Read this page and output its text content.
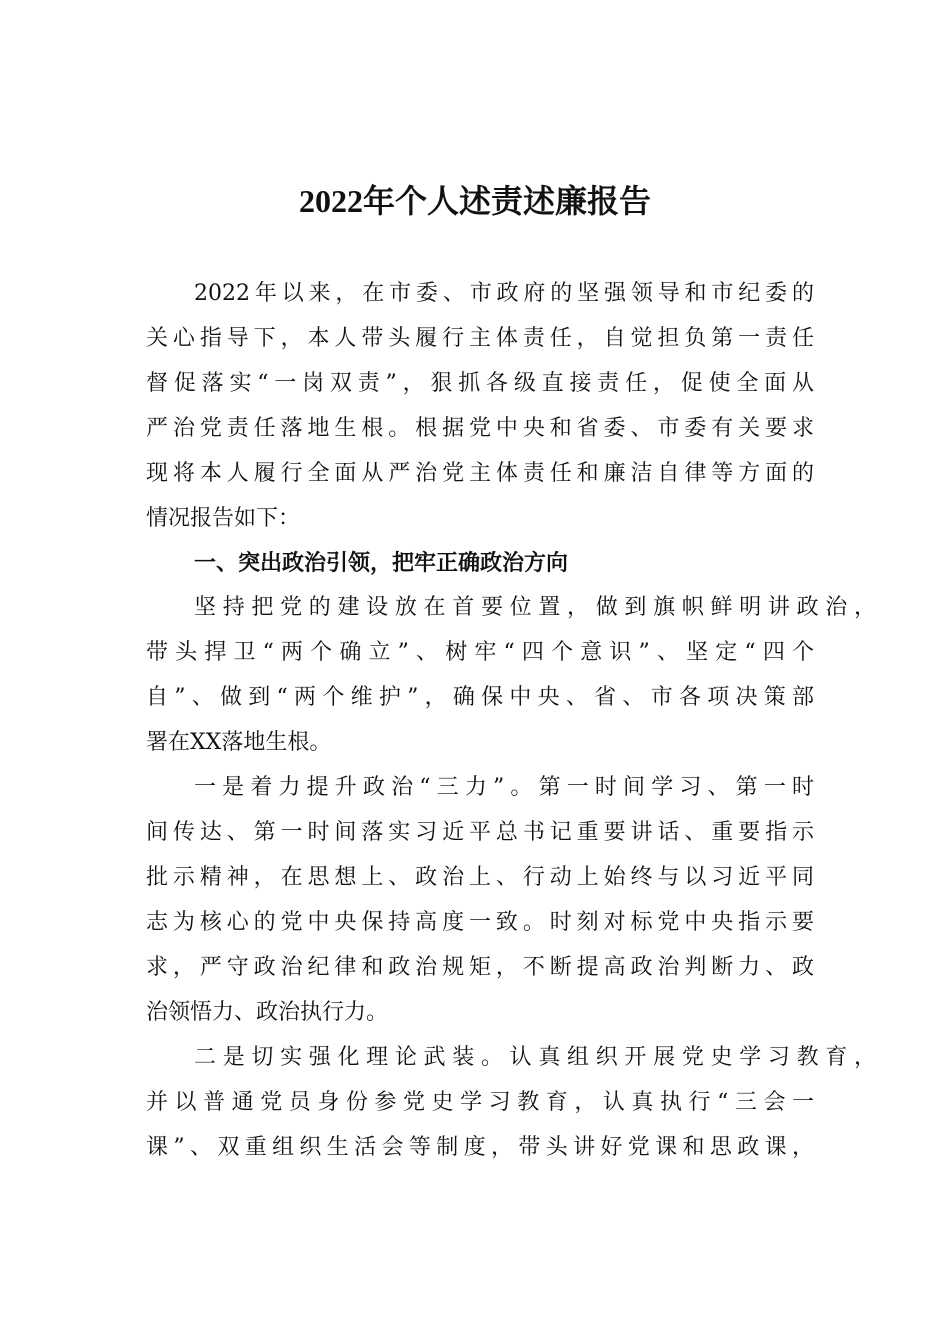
2022年个人述责述廉报告
2022年以来，在市委、市政府的坚强领导和市纪委的
关心指导下，本人带头履行主体责任，自觉担负第一责任
督促落实“一岗双责”，狠抓各级直接责任，促使全面从
严治党责任落地生根。根据党中央和省委、市委有关要求
现将本人履行全面从严治党主体责任和廉洁自律等方面的
情况报告如下：
一、突出政治引领，把牢正确政治方向
坚持把党的建设放在首要位置，做到旗帜鲜明讲政治，
带头捍卫“两个确立”、树牢“四个意识”、坚定“四个
自”、做到“两个维护”，确保中央、省、市各项决策部
署在XX落地生根。
一是着力提升政治“三力”。第一时间学习、第一时
间传达、第一时间落实习近平总书记重要讲话、重要指示
批示精神，在思想上、政治上、行动上始终与以习近平同
志为核心的党中央保持高度一致。时刻对标党中央指示要
求，严守政治纪律和政治规矩，不断提高政治判断力、政
治领悟力、政治执行力。
二是切实强化理论武装。认真组织开展党史学习教育，
并以普通党员身份参党史学习教育，认真执行“三会一
课”、双重组织生活会等制度，带头讲好党课和思政课，
